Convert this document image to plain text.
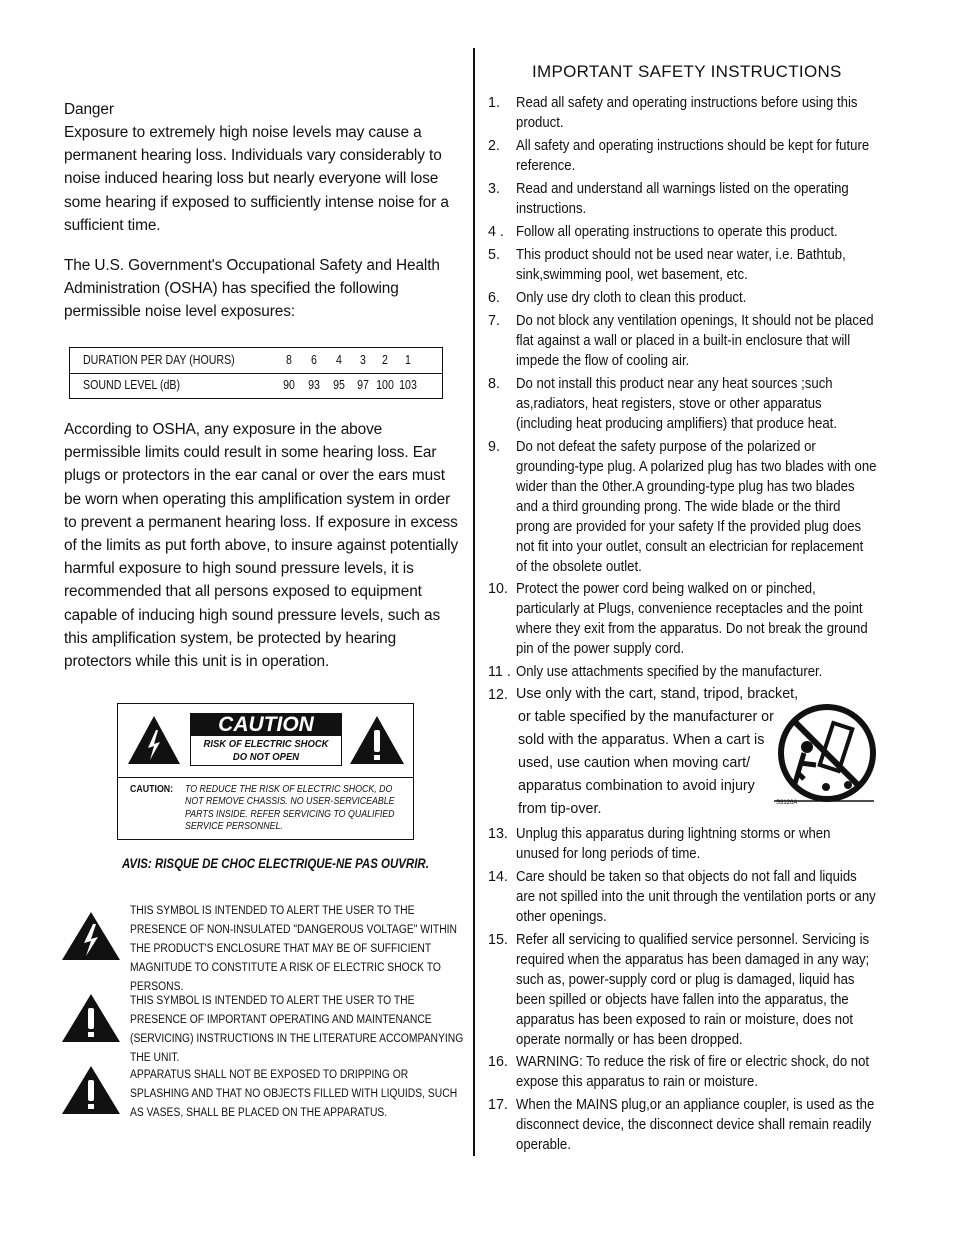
Danger
Exposure to extremely high noise levels may cause a permanent hearing loss. Individuals vary considerably to noise induced hearing loss but nearly everyone will lose some hearing if exposed to sufficiently intense noise for a sufficient time.
The U.S. Government's Occupational Safety and Health Administration (OSHA) has specified the following permissible noise level exposures:
DURATION PER DAY (HOURS)	8	6	4	3	2	1
SOUND LEVEL (dB)	90	93	95 97 100 103
According to OSHA, any exposure in the above permissible limits could result in some hearing loss. Ear plugs or protectors in the ear canal or over the ears must be worn when operating this amplification system in order to prevent a permanent hearing loss. If exposure in excess of the limits as put forth above, to insure against potentially harmful exposure to high sound pressure levels, it is recommended that all persons exposed to equipment capable of inducing high sound pressure levels, such as this amplification system, be protected by hearing protectors while this unit is in operation.
CAUTION
RISK OF ELECTRIC SHOCK
DO NOT OPEN
CAUTION: TO REDUCE THE RISK OF ELECTRIC SHOCK, DO NOT REMOVE CHASSIS. NO USER-SERVICEABLE PARTS INSIDE. REFER SERVICING TO QUALIFIED SERVICE PERSONNEL.
AVIS: RISQUE DE CHOC ELECTRIQUE-NE PAS OUVRIR.
THIS SYMBOL IS INTENDED TO ALERT THE USER TO THE PRESENCE OF NON-INSULATED "DANGEROUS VOLTAGE" WITHIN THE PRODUCT'S ENCLOSURE THAT MAY BE OF SUFFICIENT MAGNITUDE TO CONSTITUTE A RISK OF ELECTRIC SHOCK TO PERSONS.
THIS SYMBOL IS INTENDED TO ALERT THE USER TO THE PRESENCE OF IMPORTANT OPERATING AND MAINTENANCE (SERVICING) INSTRUCTIONS IN THE LITERATURE ACCOMPANYING THE UNIT.
APPARATUS SHALL NOT BE EXPOSED TO DRIPPING OR SPLASHING AND THAT NO OBJECTS FILLED WITH LIQUIDS, SUCH AS VASES, SHALL BE PLACED ON THE APPARATUS.
IMPORTANT SAFETY INSTRUCTIONS
1. Read all safety and operating instructions before using this product.
2. All safety and operating instructions should be kept for future reference.
3. Read and understand all warnings listed on the operating instructions.
4 . Follow all operating instructions to operate this product.
5. This product should not be used near water, i.e. Bathtub, sink,swimming pool, wet basement, etc.
6. Only use dry cloth to clean this product.
7. Do not block any ventilation openings, It should not be placed flat against a wall or placed in a built-in enclosure that will impede the flow of cooling air.
8. Do not install this product near any heat sources ;such as,radiators, heat registers, stove or other apparatus (including heat producing amplifiers) that produce heat.
9. Do not defeat the safety purpose of the polarized or grounding-type plug. A polarized plug has two blades with one wider than the 0ther.A grounding-type plug has two blades and a third grounding prong. The wide blade or the third prong are provided for your safety If the provided plug does not fit into your outlet, consult an electrician for replacement of the obsolete outlet.
10. Protect the power cord being walked on or pinched, particularly at Plugs, convenience receptacles and the point where they exit from the apparatus. Do not break the ground pin of the power supply cord.
11 . Only use attachments specified by the manufacturer.
12. Use only with the cart, stand, tripod, bracket,
or table specified by the manufacturer or
sold with the apparatus. When a cart is
used, use caution when moving cart/
apparatus combination to avoid injury
from tip-over.	S3126A
13. Unplug this apparatus during lightning storms or when unused for long periods of time.
14. Care should be taken so that objects do not fall and liquids are not spilled into the unit through the ventilation ports or any other openings.
15. Refer all servicing to qualified service personnel. Servicing is required when the apparatus has been damaged in any way; such as, power-supply cord or plug is damaged, liquid has been spilled or objects have fallen into the apparatus, the apparatus has been exposed to rain or moisture, does not operate normally or has been dropped.
16. WARNING: To reduce the risk of fire or electric shock, do not expose this apparatus to rain or moisture.
17. When the MAINS plug,or an appliance coupler, is used as the disconnect device, the disconnect device shall remain readily operable.
